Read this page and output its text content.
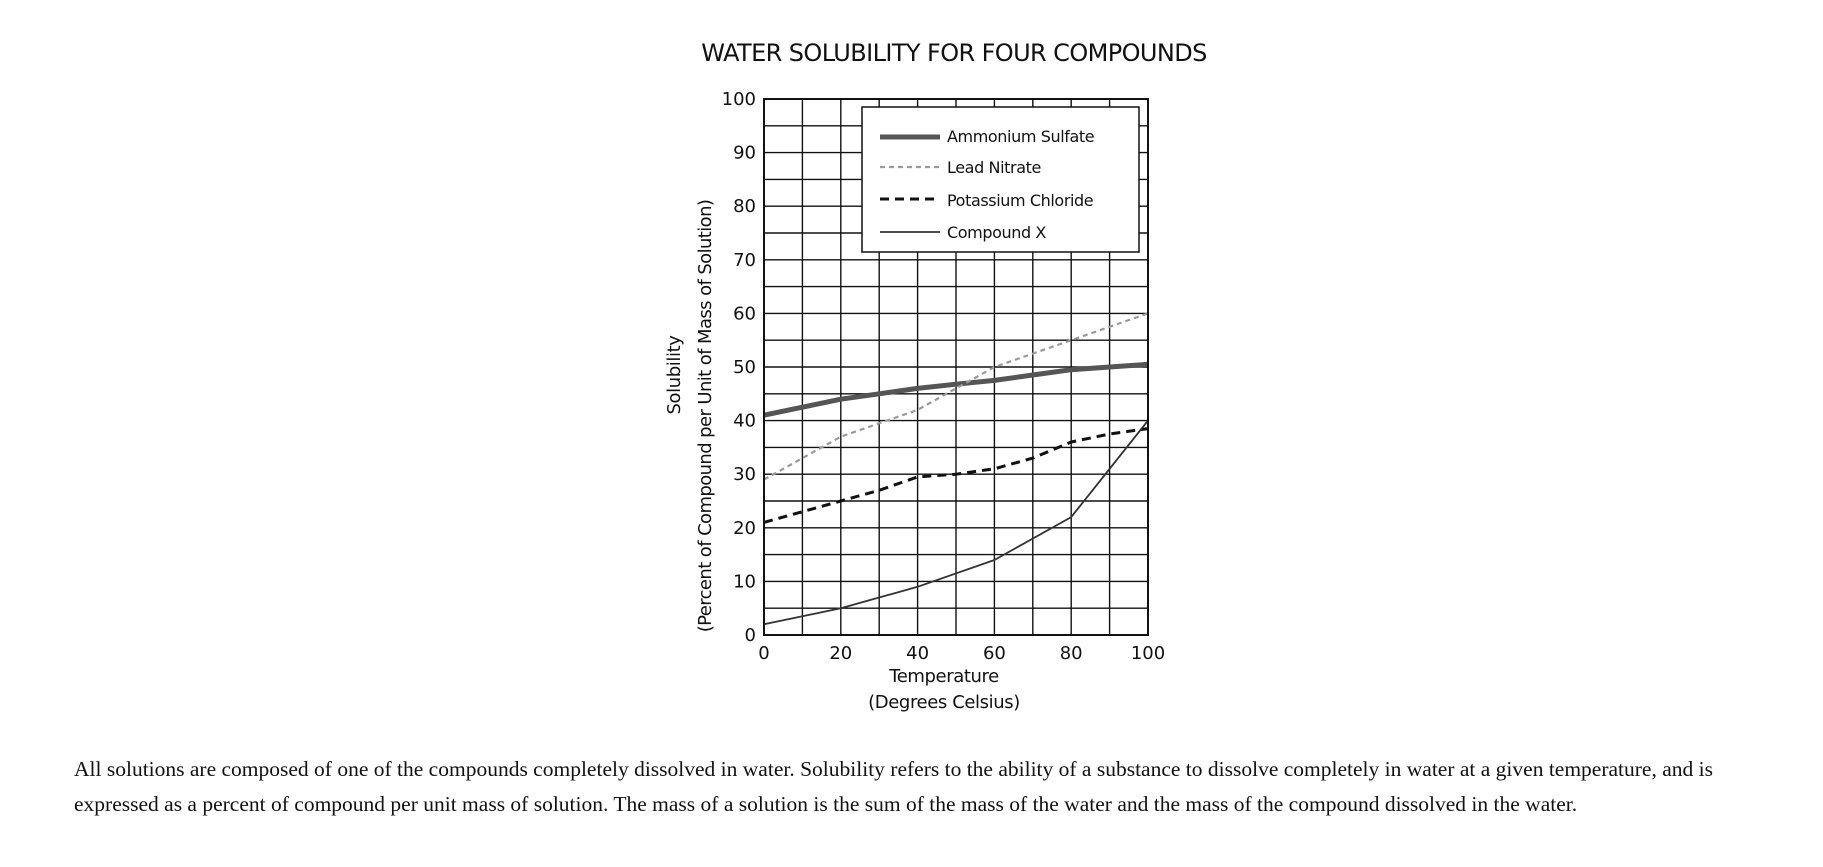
WATER SOLUBILITY FOR FOUR COMPOUNDS
0
10
20
30
40
50
60
70
80
90
100
0	20	40	60	80	100
Ammonium Sulfate
Lead Nitrate
Potassium Chloride
Compound X
Temperature
(Degrees Celsius)
Solubility (Percent of Compound per Unit of Mass of Solution)
All solutions are composed of one of the compounds completely dissolved in water. Solubility refers to the ability of a substance to dissolve completely in water at a given temperature, and is expressed as a percent of compound per unit mass of solution. The mass of a solution is the sum of the mass of the water and the mass of the compound dissolved in the water.
